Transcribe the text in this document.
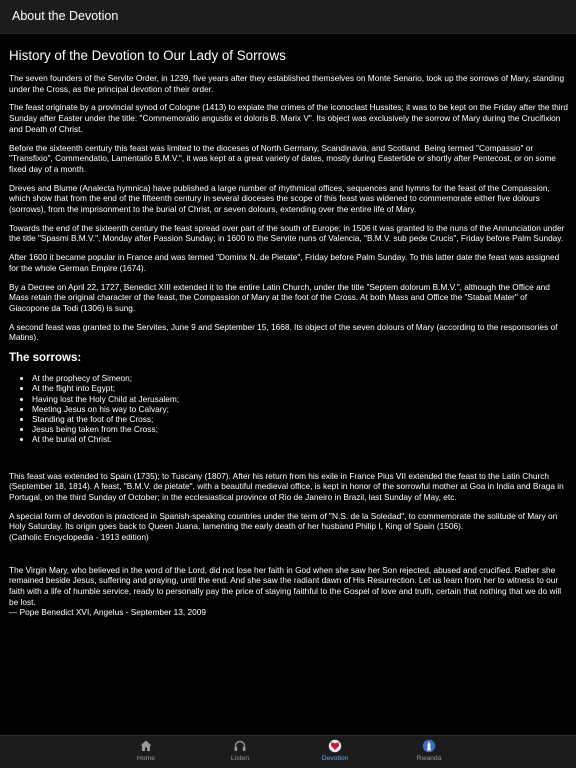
About the Devotion
History of the Devotion to Our Lady of Sorrows

The seven founders of the Servite Order, in 1239, five years after they established themselves on Monte Senario, took up the sorrows of Mary, standing under the Cross, as the principal devotion of their order.

The feast originate by a provincial synod of Cologne (1413) to expiate the crimes of the iconoclast Hussites; it was to be kept on the Friday after the third Sunday after Easter under the title: "Commemoratio angustix et doloris B. Marix V". Its object was exclusively the sorrow of Mary during the Crucifixion and Death of Christ.

Before the sixteenth century this feast was limited to the dioceses of North Germany, Scandinavia, and Scotland. Being termed "Compassio" or "Transfixio", Commendatio, Lamentatio B.M.V.", it was kept at a great variety of dates, mostly during Eastertide or shortly after Pentecost, or on some fixed day of a month.

Dreves and Blume (Analecta hymnica) have published a large number of rhythmical offices, sequences and hymns for the feast of the Compassion, which show that from the end of the fifteenth century in several dioceses the scope of this feast was widened to commemorate either five dolours (sorrows), from the imprisonment to the burial of Christ, or seven dolours, extending over the entire life of Mary.

Towards the end of the sixteenth century the feast spread over part of the south of Europe; in 1506 it was granted to the nuns of the Annunciation under the title "Spasmi B.M.V.", Monday after Passion Sunday; in 1600 to the Servite nuns of Valencia, "B.M.V. sub pede Crucis", Friday before Palm Sunday.

After 1600 it became popular in France and was termed "Dominx N. de Pietate", Friday before Palm Sunday. To this latter date the feast was assigned for the whole German Empire (1674).

By a Decree on April 22, 1727, Benedict XIII extended it to the entire Latin Church, under the title "Septem dolorum B.M.V.", although the Office and Mass retain the original character of the feast, the Compassion of Mary at the foot of the Cross. At both Mass and Office the "Stabat Mater" of Giacopone da Todi (1306) is sung.

A second feast was granted to the Servites, June 9 and September 15, 1668. Its object of the seven dolours of Mary (according to the responsories of Matins).

The sorrows:
• At the prophecy of Simeon;
• At the flight into Egypt;
• Having lost the Holy Child at Jerusalem;
• Meeting Jesus on his way to Calvary;
• Standing at the foot of the Cross;
• Jesus being taken from the Cross;
• At the burial of Christ.

This feast was extended to Spain (1735); to Tuscany (1807). After his return from his exile in France Pius VII extended the feast to the Latin Church (September 18, 1814). A feast, "B.M.V. de pietate", with a beautiful medieval office, is kept in honor of the sorrowful mother at Goa in India and Braga in Portugal, on the third Sunday of October; in the ecclesiastical province of Rio de Janeiro in Brazil, last Sunday of May, etc.

A special form of devotion is practiced in Spanish-speaking countries under the term of "N.S. de la Soledad", to commemorate the solitude of Mary on Holy Saturday. Its origin goes back to Queen Juana, lamenting the early death of her husband Philip I, King of Spain (1506).

(Catholic Encyclopedia - 1913 edition)

The Virgin Mary, who believed in the word of the Lord, did not lose her faith in God when she saw her Son rejected, abused and crucified. Rather she remained beside Jesus, suffering and praying, until the end. And she saw the radiant dawn of His Resurrection. Let us learn from her to witness to our faith with a life of humble service, ready to personally pay the price of staying faithful to the Gospel of love and truth, certain that nothing that we do will be lost.

— Pope Benedict XVI, Angelus - September 13, 2009

Home	Listen	Devotion	Rwanda
